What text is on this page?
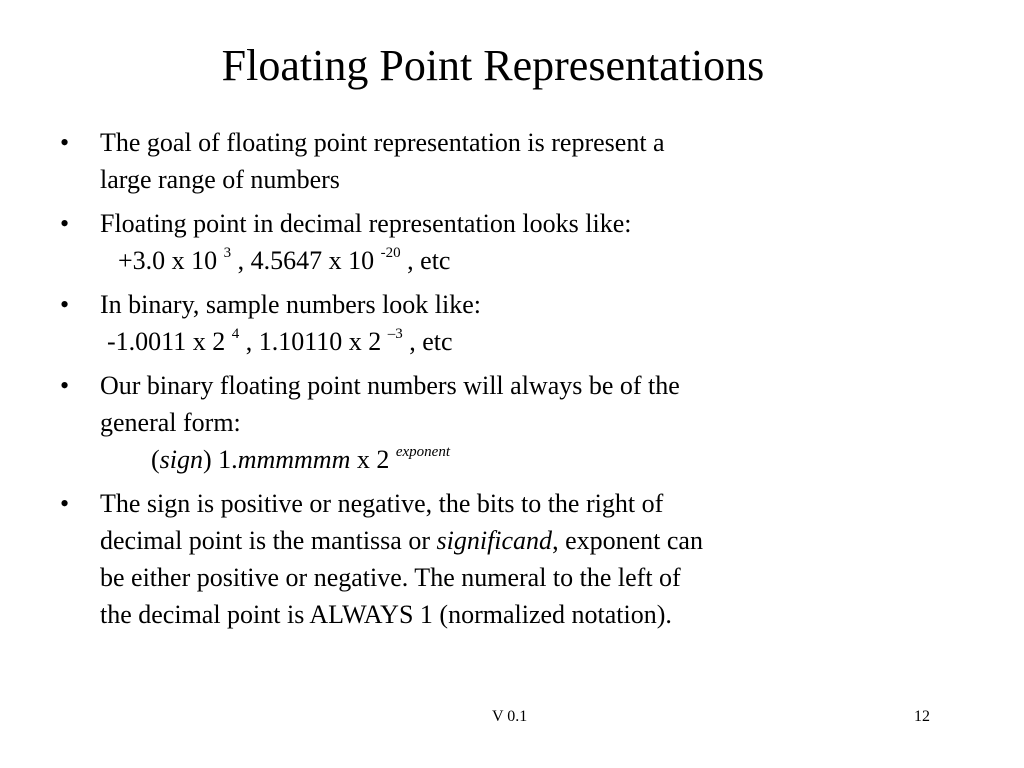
Floating Point Representations
• The goal of floating point representation is represent a
large range of numbers
• Floating point in decimal representation looks like:
+3.0 x 10 $^3$ , 4.5647 x 10 $^{-20}$ , etc
• In binary, sample numbers look like:
-1.0011 x 2 $^4$ , 1.10110 x 2 $^{-3}$ , etc
• Our binary floating point numbers will always be of the
general form:
(sign) 1.mmmmmm x 2 $^{exponent}$
• The sign is positive or negative, the bits to the right of
decimal point is the mantissa or significand, exponent can
be either positive or negative. The numeral to the left of
the decimal point is ALWAYS 1 (normalized notation).
V 0.1	12
